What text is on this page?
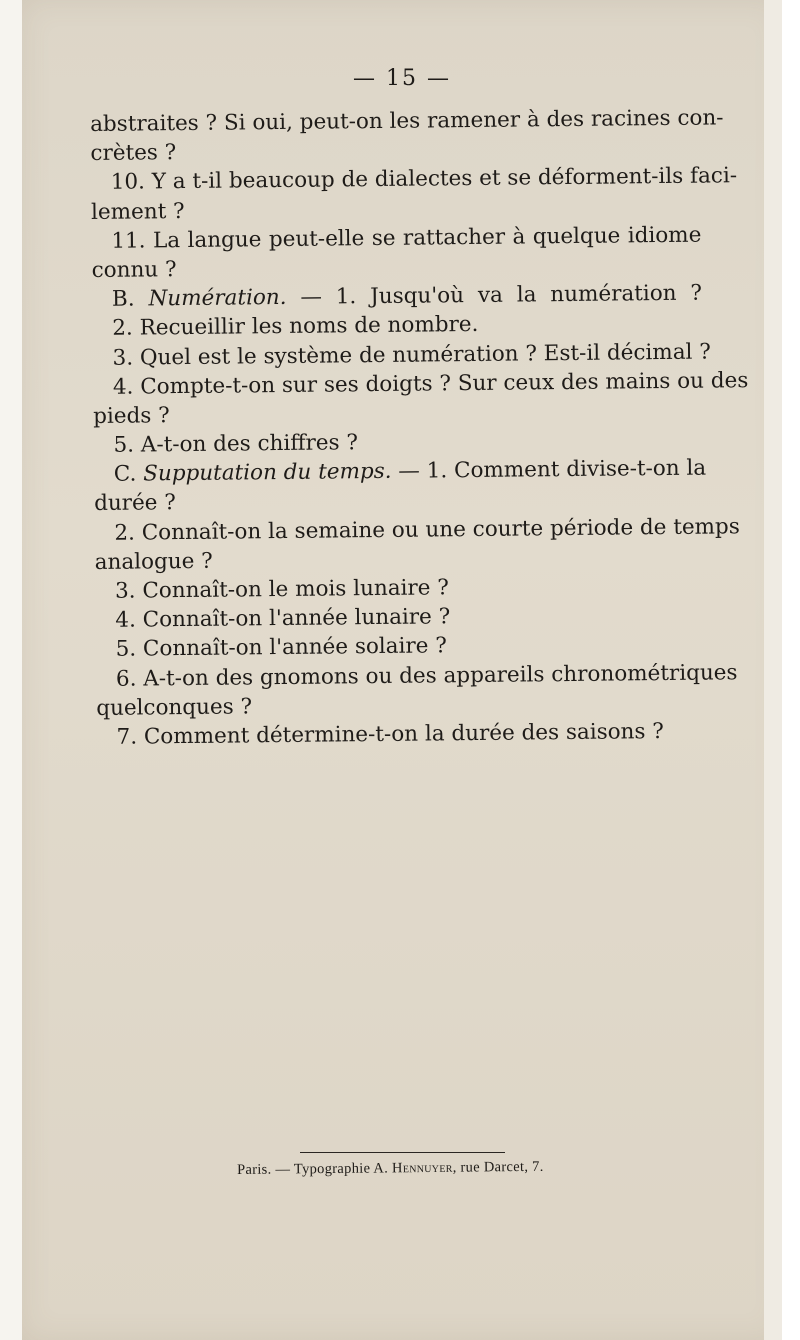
— 15 —
abstraites ? Si oui, peut-on les ramener à des racines con-
crètes ?
10. Y a t-il beaucoup de dialectes et se déforment-ils faci-
lement ?
11. La langue peut-elle se rattacher à quelque idiome
connu ?
B. Numération. — 1. Jusqu'où va la numération ?
2. Recueillir les noms de nombre.
3. Quel est le système de numération ? Est-il décimal ?
4. Compte-t-on sur ses doigts ? Sur ceux des mains ou des
pieds ?
5. A-t-on des chiffres ?
C. Supputation du temps. — 1. Comment divise-t-on la
durée ?
2. Connaît-on la semaine ou une courte période de temps
analogue ?
3. Connaît-on le mois lunaire ?
4. Connaît-on l'année lunaire ?
5. Connaît-on l'année solaire ?
6. A-t-on des gnomons ou des appareils chronométriques
quelconques ?
7. Comment détermine-t-on la durée des saisons ?
Paris. — Typographie A. Hennuyer, rue Darcet, 7.
